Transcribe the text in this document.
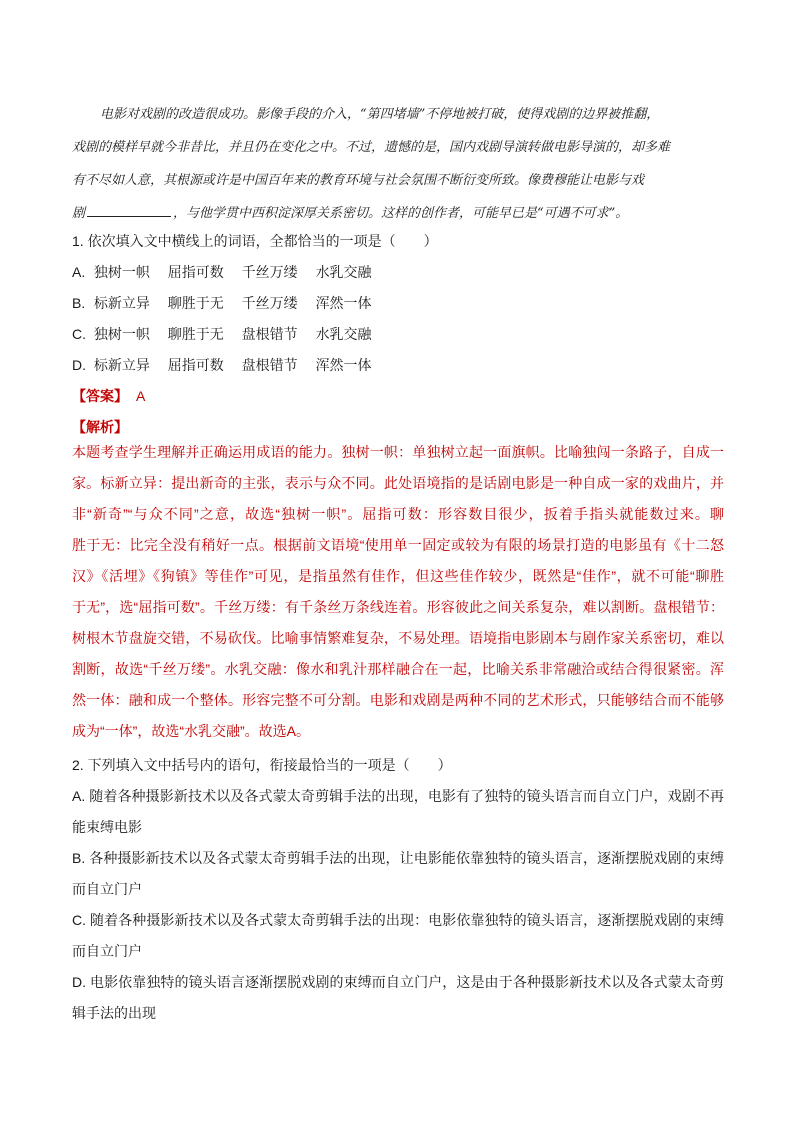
电影对戏剧的改造很成功。影像手段的介入，“第四堵墙”不停地被打破，使得戏剧的边界被推翻，
戏剧的模样早就今非昔比，并且仍在变化之中。不过，遗憾的是，国内戏剧导演转做电影导演的，却多难
有不尽如人意，其根源或许是中国百年来的教育环境与社会氛围不断衍变所致。像费穆能让电影与戏
剧	，与他学贯中西积淀深厚关系密切。这样的创作者，可能早已是“可遇不可求”。
1. 依次填入文中横线上的词语，全都恰当的一项是（　　）
A. 独树一帜 屈指可数 千丝万缕 水乳交融
B. 标新立异 聊胜于无 千丝万缕 浑然一体
C. 独树一帜 聊胜于无 盘根错节 水乳交融
D. 标新立异 屈指可数 盘根错节 浑然一体
【答案】 A
【解析】
本题考查学生理解并正确运用成语的能力。独树一帜：单独树立起一面旗帜。比喻独闯一条路子，自成一
家。标新立异：提出新奇的主张，表示与众不同。此处语境指的是话剧电影是一种自成一家的戏曲片，并
非“新奇”“与众不同”之意，故选“独树一帜”。屈指可数：形容数目很少，扳着手指头就能数过来。聊
胜于无：比完全没有稍好一点。根据前文语境“使用单一固定或较为有限的场景打造的电影虽有《十二怒
汉》《活埋》《狗镇》等佳作”可见，是指虽然有佳作，但这些佳作较少，既然是“佳作”，就不可能“聊胜
于无”，选“屈指可数”。千丝万缕：有千条丝万条线连着。形容彼此之间关系复杂，难以割断。盘根错节：
树根木节盘旋交错，不易砍伐。比喻事情繁难复杂，不易处理。语境指电影剧本与剧作家关系密切，难以
割断，故选“千丝万缕”。水乳交融：像水和乳汁那样融合在一起，比喻关系非常融洽或结合得很紧密。浑
然一体：融和成一个整体。形容完整不可分割。电影和戏剧是两种不同的艺术形式，只能够结合而不能够
成为“一体”，故选“水乳交融”。故选A。
2. 下列填入文中括号内的语句，衔接最恰当的一项是（　　）
A. 随着各种摄影新技术以及各式蒙太奇剪辑手法的出现，电影有了独特的镜头语言而自立门户，戏剧不再
能束缚电影
B. 各种摄影新技术以及各式蒙太奇剪辑手法的出现，让电影能依靠独特的镜头语言，逐渐摆脱戏剧的束缚
而自立门户
C. 随着各种摄影新技术以及各式蒙太奇剪辑手法的出现：电影依靠独特的镜头语言，逐渐摆脱戏剧的束缚
而自立门户
D. 电影依靠独特的镜头语言逐渐摆脱戏剧的束缚而自立门户，这是由于各种摄影新技术以及各式蒙太奇剪
辑手法的出现
